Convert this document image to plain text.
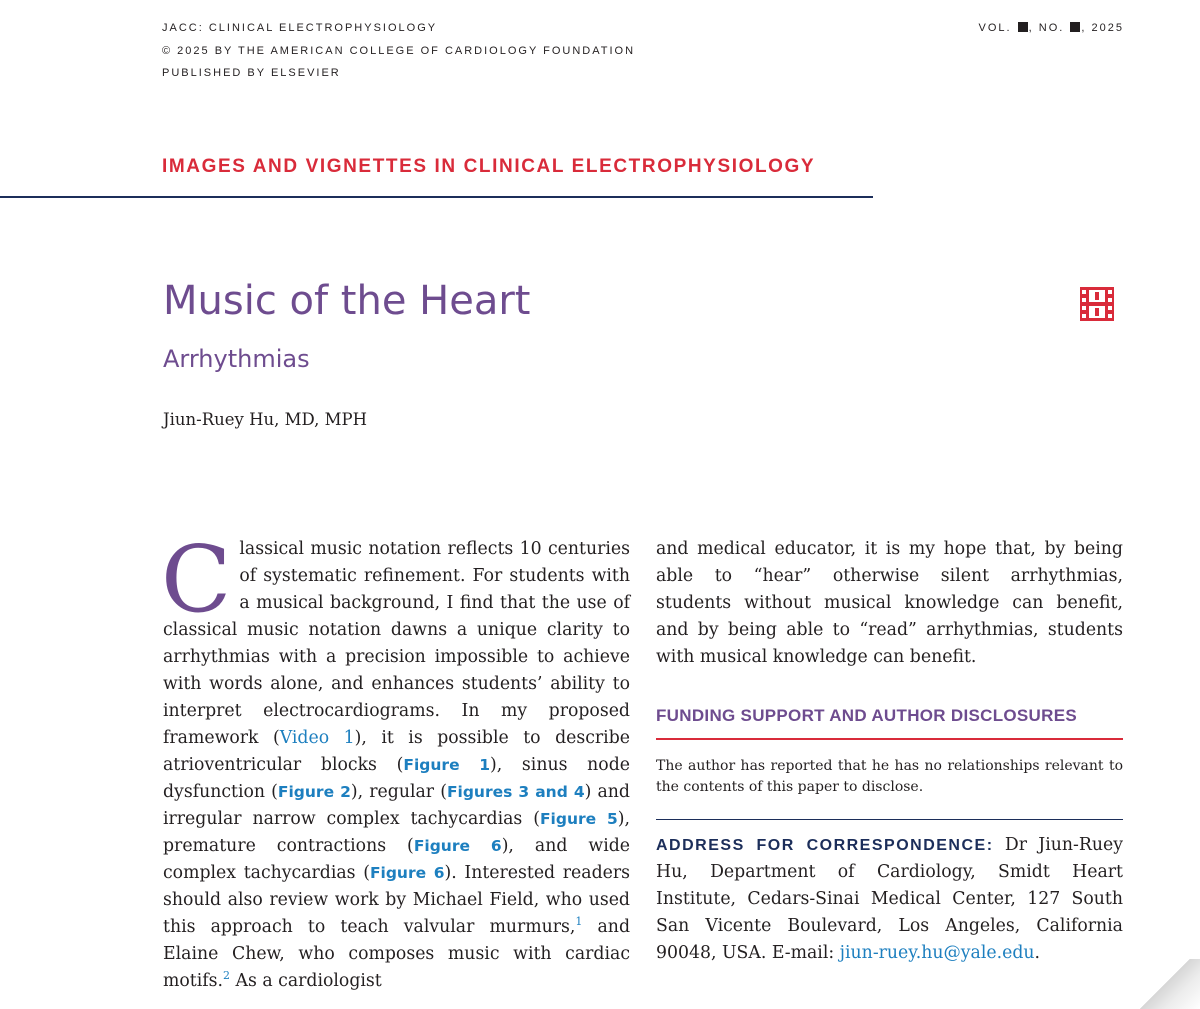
JACC: CLINICAL ELECTROPHYSIOLOGY
© 2025 BY THE AMERICAN COLLEGE OF CARDIOLOGY FOUNDATION
PUBLISHED BY ELSEVIER
VOL. , NO. , 2025
IMAGES AND VIGNETTES IN CLINICAL ELECTROPHYSIOLOGY
Music of the Heart
Arrhythmias
Jiun-Ruey Hu, MD, MPH
Classical music notation reflects 10 centuries of systematic refinement. For students with a musical background, I find that the use of classical music notation dawns a unique clarity to arrhythmias with a precision impossible to achieve with words alone, and enhances students’ ability to interpret electrocardiograms. In my proposed framework (Video 1), it is possible to describe atrioventricular blocks (Figure 1), sinus node dysfunction (Figure 2), regular (Figures 3 and 4) and irregular narrow complex tachycardias (Figure 5), premature contractions (Figure 6), and wide complex tachycardias (Figure 6). Interested readers should also review work by Michael Field, who used this approach to teach valvular murmurs,$^1$ and Elaine Chew, who composes music with cardiac motifs.$^2$ As a cardiologist
and medical educator, it is my hope that, by being able to “hear” otherwise silent arrhythmias, students without musical knowledge can benefit, and by being able to “read” arrhythmias, students with musical knowledge can benefit.
FUNDING SUPPORT AND AUTHOR DISCLOSURES
The author has reported that he has no relationships relevant to the contents of this paper to disclose.
ADDRESS FOR CORRESPONDENCE: Dr Jiun-Ruey Hu, Department of Cardiology, Smidt Heart Institute, Cedars-Sinai Medical Center, 127 South San Vicente Boulevard, Los Angeles, California 90048, USA. E-mail: jiun-ruey.hu@yale.edu.
